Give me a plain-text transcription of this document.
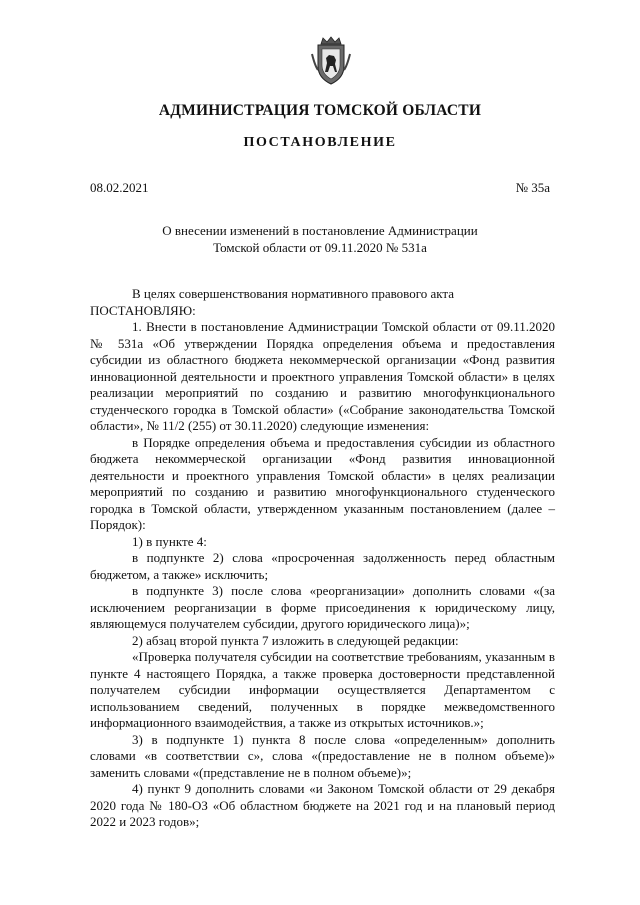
АДМИНИСТРАЦИЯ ТОМСКОЙ ОБЛАСТИ
ПОСТАНОВЛЕНИЕ
08.02.2021	№ 35а
О внесении изменений в постановление Администрации
Томской области от 09.11.2020 № 531а

В целях совершенствования нормативного правового акта

ПОСТАНОВЛЯЮ:

1. Внести в постановление Администрации Томской области от 09.11.2020 № 531а «Об утверждении Порядка определения объема и предоставления субсидии из областного бюджета некоммерческой организации «Фонд развития инновационной деятельности и проектного управления Томской области» в целях реализации мероприятий по созданию и развитию многофункционального студенческого городка в Томской области» («Собрание законодательства Томской области», № 11/2 (255) от 30.11.2020) следующие изменения:

в Порядке определения объема и предоставления субсидии из областного бюджета некоммерческой организации «Фонд развития инновационной деятельности и проектного управления Томской области» в целях реализации мероприятий по созданию и развитию многофункционального студенческого городка в Томской области, утвержденном указанным постановлением (далее – Порядок):

1) в пункте 4:

в подпункте 2) слова «просроченная задолженность перед областным бюджетом, а также» исключить;

в подпункте 3) после слова «реорганизации» дополнить словами «(за исключением реорганизации в форме присоединения к юридическому лицу, являющемуся получателем субсидии, другого юридического лица)»;

2) абзац второй пункта 7 изложить в следующей редакции:

«Проверка получателя субсидии на соответствие требованиям, указанным в пункте 4 настоящего Порядка, а также проверка достоверности представленной получателем субсидии информации осуществляется Департаментом с использованием сведений, полученных в порядке межведомственного информационного взаимодействия, а также из открытых источников.»;

3) в подпункте 1) пункта 8 после слова «определенным» дополнить словами «в соответствии с», слова «(предоставление не в полном объеме)» заменить словами «(представление не в полном объеме)»;

4) пункт 9 дополнить словами «и Законом Томской области от 29 декабря 2020 года № 180-ОЗ «Об областном бюджете на 2021 год и на плановый период 2022 и 2023 годов»;
